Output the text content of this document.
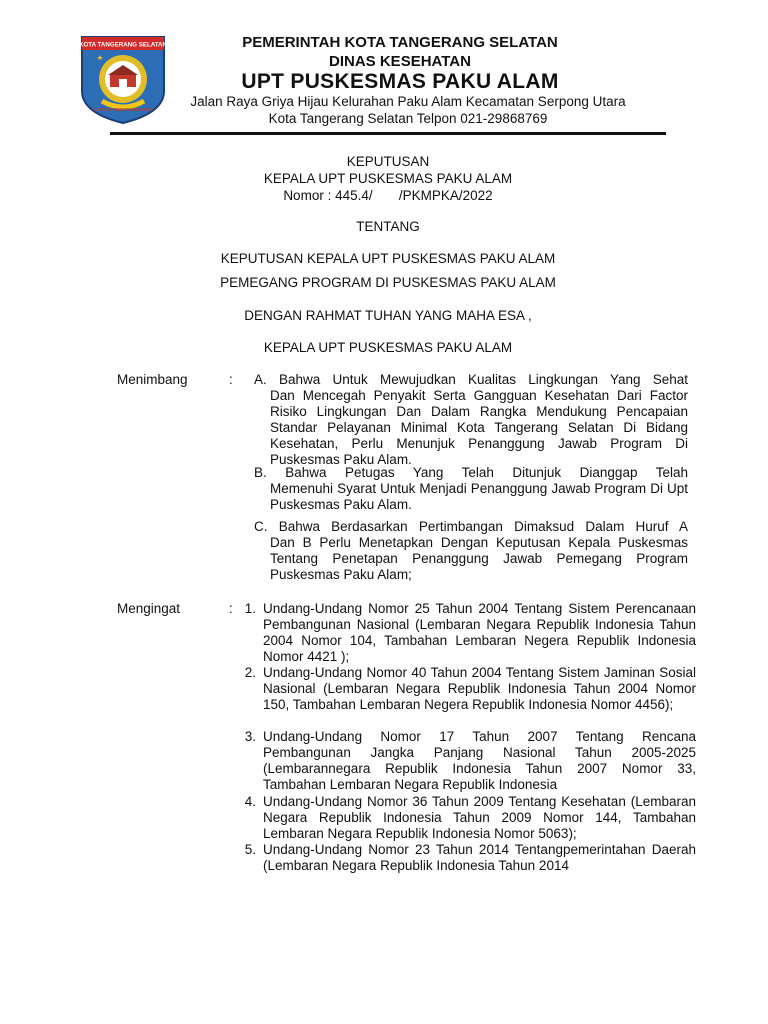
KOTA TANGERANG SELATAN
CERDAS MODERN RELIGIUS
PEMERINTAH KOTA TANGERANG SELATAN
DINAS KESEHATAN
UPT PUSKESMAS PAKU ALAM
Jalan Raya Griya Hijau Kelurahan Paku Alam Kecamatan Serpong Utara
Kota Tangerang Selatan Telpon 021-29868769
KEPUTUSAN
KEPALA UPT PUSKESMAS PAKU ALAM
Nomor : 445.4/       /PKMPKA/2022
TENTANG
KEPUTUSAN KEPALA UPT PUSKESMAS PAKU ALAM
PEMEGANG PROGRAM DI PUSKESMAS PAKU ALAM
DENGAN RAHMAT TUHAN YANG MAHA ESA ,
KEPALA UPT PUSKESMAS PAKU ALAM
Menimbang	: A. Bahwa Untuk Mewujudkan Kualitas Lingkungan Yang Sehat
Dan Mencegah Penyakit Serta Gangguan Kesehatan Dari Factor Risiko Lingkungan Dan Dalam Rangka Mendukung Pencapaian Standar Pelayanan Minimal Kota Tangerang Selatan Di Bidang Kesehatan, Perlu Menunjuk Penanggung Jawab Program Di Puskesmas Paku Alam.
B. Bahwa Petugas Yang Telah Ditunjuk Dianggap Telah
Memenuhi Syarat Untuk Menjadi Penanggung Jawab Program Di Upt Puskesmas Paku Alam.
C. Bahwa Berdasarkan Pertimbangan Dimaksud Dalam Huruf A
Dan B Perlu Menetapkan Dengan Keputusan Kepala Puskesmas Tentang Penetapan Penanggung Jawab Pemegang Program Puskesmas Paku Alam;
Mengingat	: 1. Undang-Undang Nomor 25 Tahun 2004 Tentang Sistem Perencanaan Pembangunan Nasional (Lembaran Negara Republik Indonesia Tahun 2004 Nomor 104, Tambahan Lembaran Negera Republik Indonesia Nomor 4421 );
2. Undang-Undang Nomor 40 Tahun 2004 Tentang Sistem Jaminan Sosial Nasional (Lembaran Negara Republik Indonesia Tahun 2004 Nomor 150, Tambahan Lembaran Negera Republik Indonesia Nomor 4456);
3. Undang-Undang Nomor 17 Tahun 2007 Tentang Rencana Pembangunan Jangka Panjang Nasional Tahun 2005-2025 (Lembarannegara Republik Indonesia Tahun 2007 Nomor 33, Tambahan Lembaran Negara Republik Indonesia
4. Undang-Undang Nomor 36 Tahun 2009 Tentang Kesehatan (Lembaran Negara Republik Indonesia Tahun 2009 Nomor 144, Tambahan Lembaran Negara Republik Indonesia Nomor 5063);
5. Undang-Undang Nomor 23 Tahun 2014 Tentangpemerintahan Daerah (Lembaran Negara Republik Indonesia Tahun 2014
